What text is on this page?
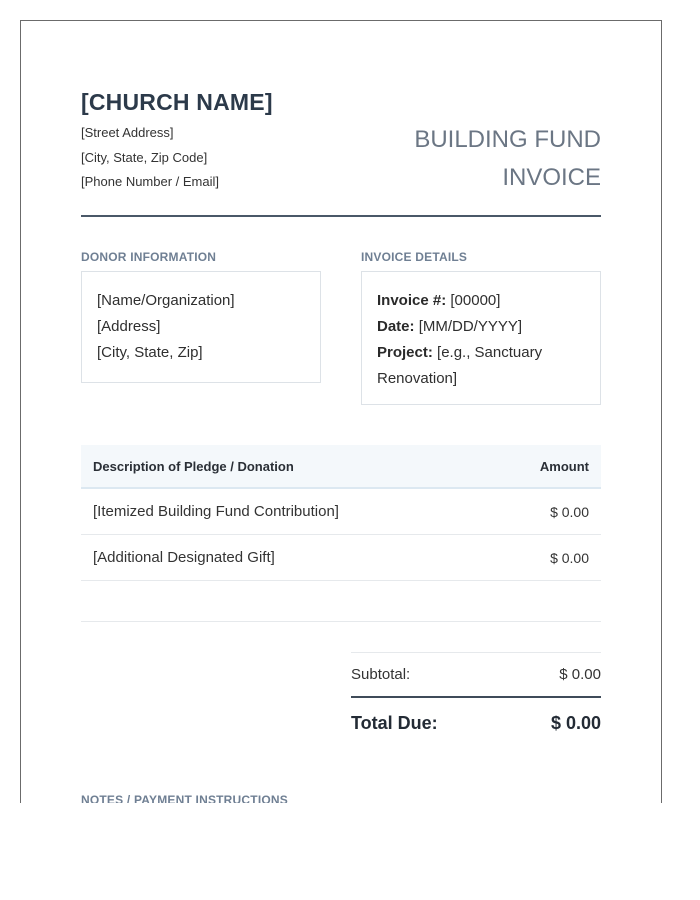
[CHURCH NAME]
[Street Address]
[City, State, Zip Code]
[Phone Number / Email]
BUILDING FUND
INVOICE
DONOR INFORMATION
[Name/Organization]
[Address]
[City, State, Zip]
INVOICE DETAILS
Invoice #: [00000]
Date: [MM/DD/YYYY]
Project: [e.g., Sanctuary
Renovation]
Description of Pledge / Donation	Amount
[Itemized Building Fund Contribution]	$ 0.00
[Additional Designated Gift]	$ 0.00
Subtotal:	$ 0.00
Total Due:	$ 0.00
NOTES / PAYMENT INSTRUCTIONS
